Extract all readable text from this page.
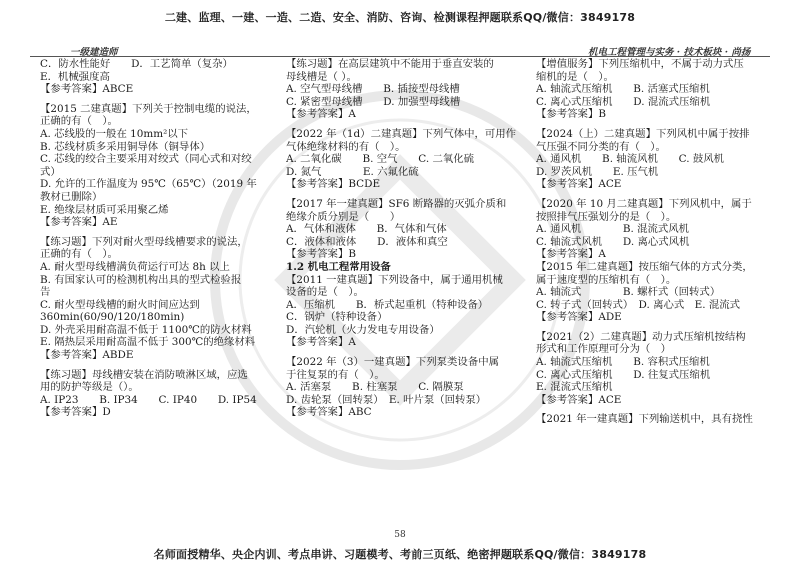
二建、监理、一建、一造、二造、安全、消防、咨询、检测课程押题联系QQ/微信：3849178
一级建造师	机电工程管理与实务 · 技术板块 · 尚扬
C．防水性能好　　D．工艺简单（复杂）
E．机械强度高
【参考答案】ABCE
【2015 二建真题】下列关于控制电缆的说法，
正确的有（　）。
A. 芯线股的一般在 10mm²以下
B. 芯线材质多采用铜导体（铜导体）
C. 芯线的绞合主要采用对绞式（同心式和对绞
式）
D. 允许的工作温度为 95℃（65℃）（2019 年
教材已删除）
E. 绝缘层材质可采用聚乙烯
【参考答案】AE
【练习题】下列对耐火型母线槽要求的说法，
正确的有（　）。
A. 耐火型母线槽满负荷运行可达 8h 以上
B. 有国家认可的检测机构出具的型式检验报
告
C. 耐火型母线槽的耐火时间应达到
360min(60/90/120/180min)
D. 外壳采用耐高温不低于 1100℃的防火材料
E. 隔热层采用耐高温不低于 300℃的绝缘材料
【参考答案】ABDE
【练习题】母线槽安装在消防喷淋区域，应选
用的防护等级是（）。
A. IP23　　B. IP34　　C. IP40　　D. IP54
【参考答案】D
【练习题】在高层建筑中不能用于垂直安装的
母线槽是（ ）。
A. 空气型母线槽　　B. 插接型母线槽
C. 紧密型母线槽　　D. 加强型母线槽
【参考答案】A
【2022 年（1d）二建真题】下列气体中，可用作
气体绝缘材料的有（　）。
A. 二氧化碳　　B. 空气　　C. 二氧化硫
D. 氮气　　　　E. 六氟化硫
【参考答案】BCDE
【2017 年一建真题】SF6 断路器的灭弧介质和
绝缘介质分别是（　　）
A．气体和液体　　B．气体和气体
C．液体和液体　　D．液体和真空
【参考答案】B
1.2 机电工程常用设备
【2011 一建真题】下列设备中，属于通用机械
设备的是（　）。
A．压缩机　　B．桥式起重机（特种设备）
C．锅炉（特种设备）
D．汽轮机（火力发电专用设备）
【参考答案】A
【2022 年（3）一建真题】下列泵类设备中属
于往复泵的有（　）。
A. 活塞泵　　B. 柱塞泵　　C. 隔膜泵
D. 齿轮泵（回转泵）　E. 叶片泵（回转泵）
【参考答案】ABC
【增值服务】下列压缩机中，不属于动力式压
缩机的是（　）。
A. 轴流式压缩机　　B. 活塞式压缩机
C. 离心式压缩机　　D. 混流式压缩机
【参考答案】B
【2024（上）二建真题】下列风机中属于按排
气压强不同分类的有（　）。
A. 通风机　　B. 轴流风机　　C. 鼓风机
D. 罗茨风机　　E. 压气机
【参考答案】ACE
【2020 年 10 月二建真题】下列风机中，属于
按照排气压强划分的是（　）。
A. 通风机　　　　B. 混流式风机
C. 轴流式风机　　D. 离心式风机
【参考答案】A
【2015 年二建真题】按压缩气体的方式分类，
属于速度型的压缩机有（　）。
A. 轴流式　　　　B. 螺杆式（回转式）
C. 转子式（回转式）　D. 离心式　E. 混流式
【参考答案】ADE
【2021（2）二建真题】动力式压缩机按结构
形式和工作原理可分为（　）
A. 轴流式压缩机　　B. 容积式压缩机
C. 离心式压缩机　　D. 往复式压缩机
E. 混流式压缩机
【参考答案】ACE
【2021 年一建真题】下列输送机中，具有挠性
58
名师面授精华、央企内训、考点串讲、习题模考、考前三页纸、绝密押题联系QQ/微信：3849178
